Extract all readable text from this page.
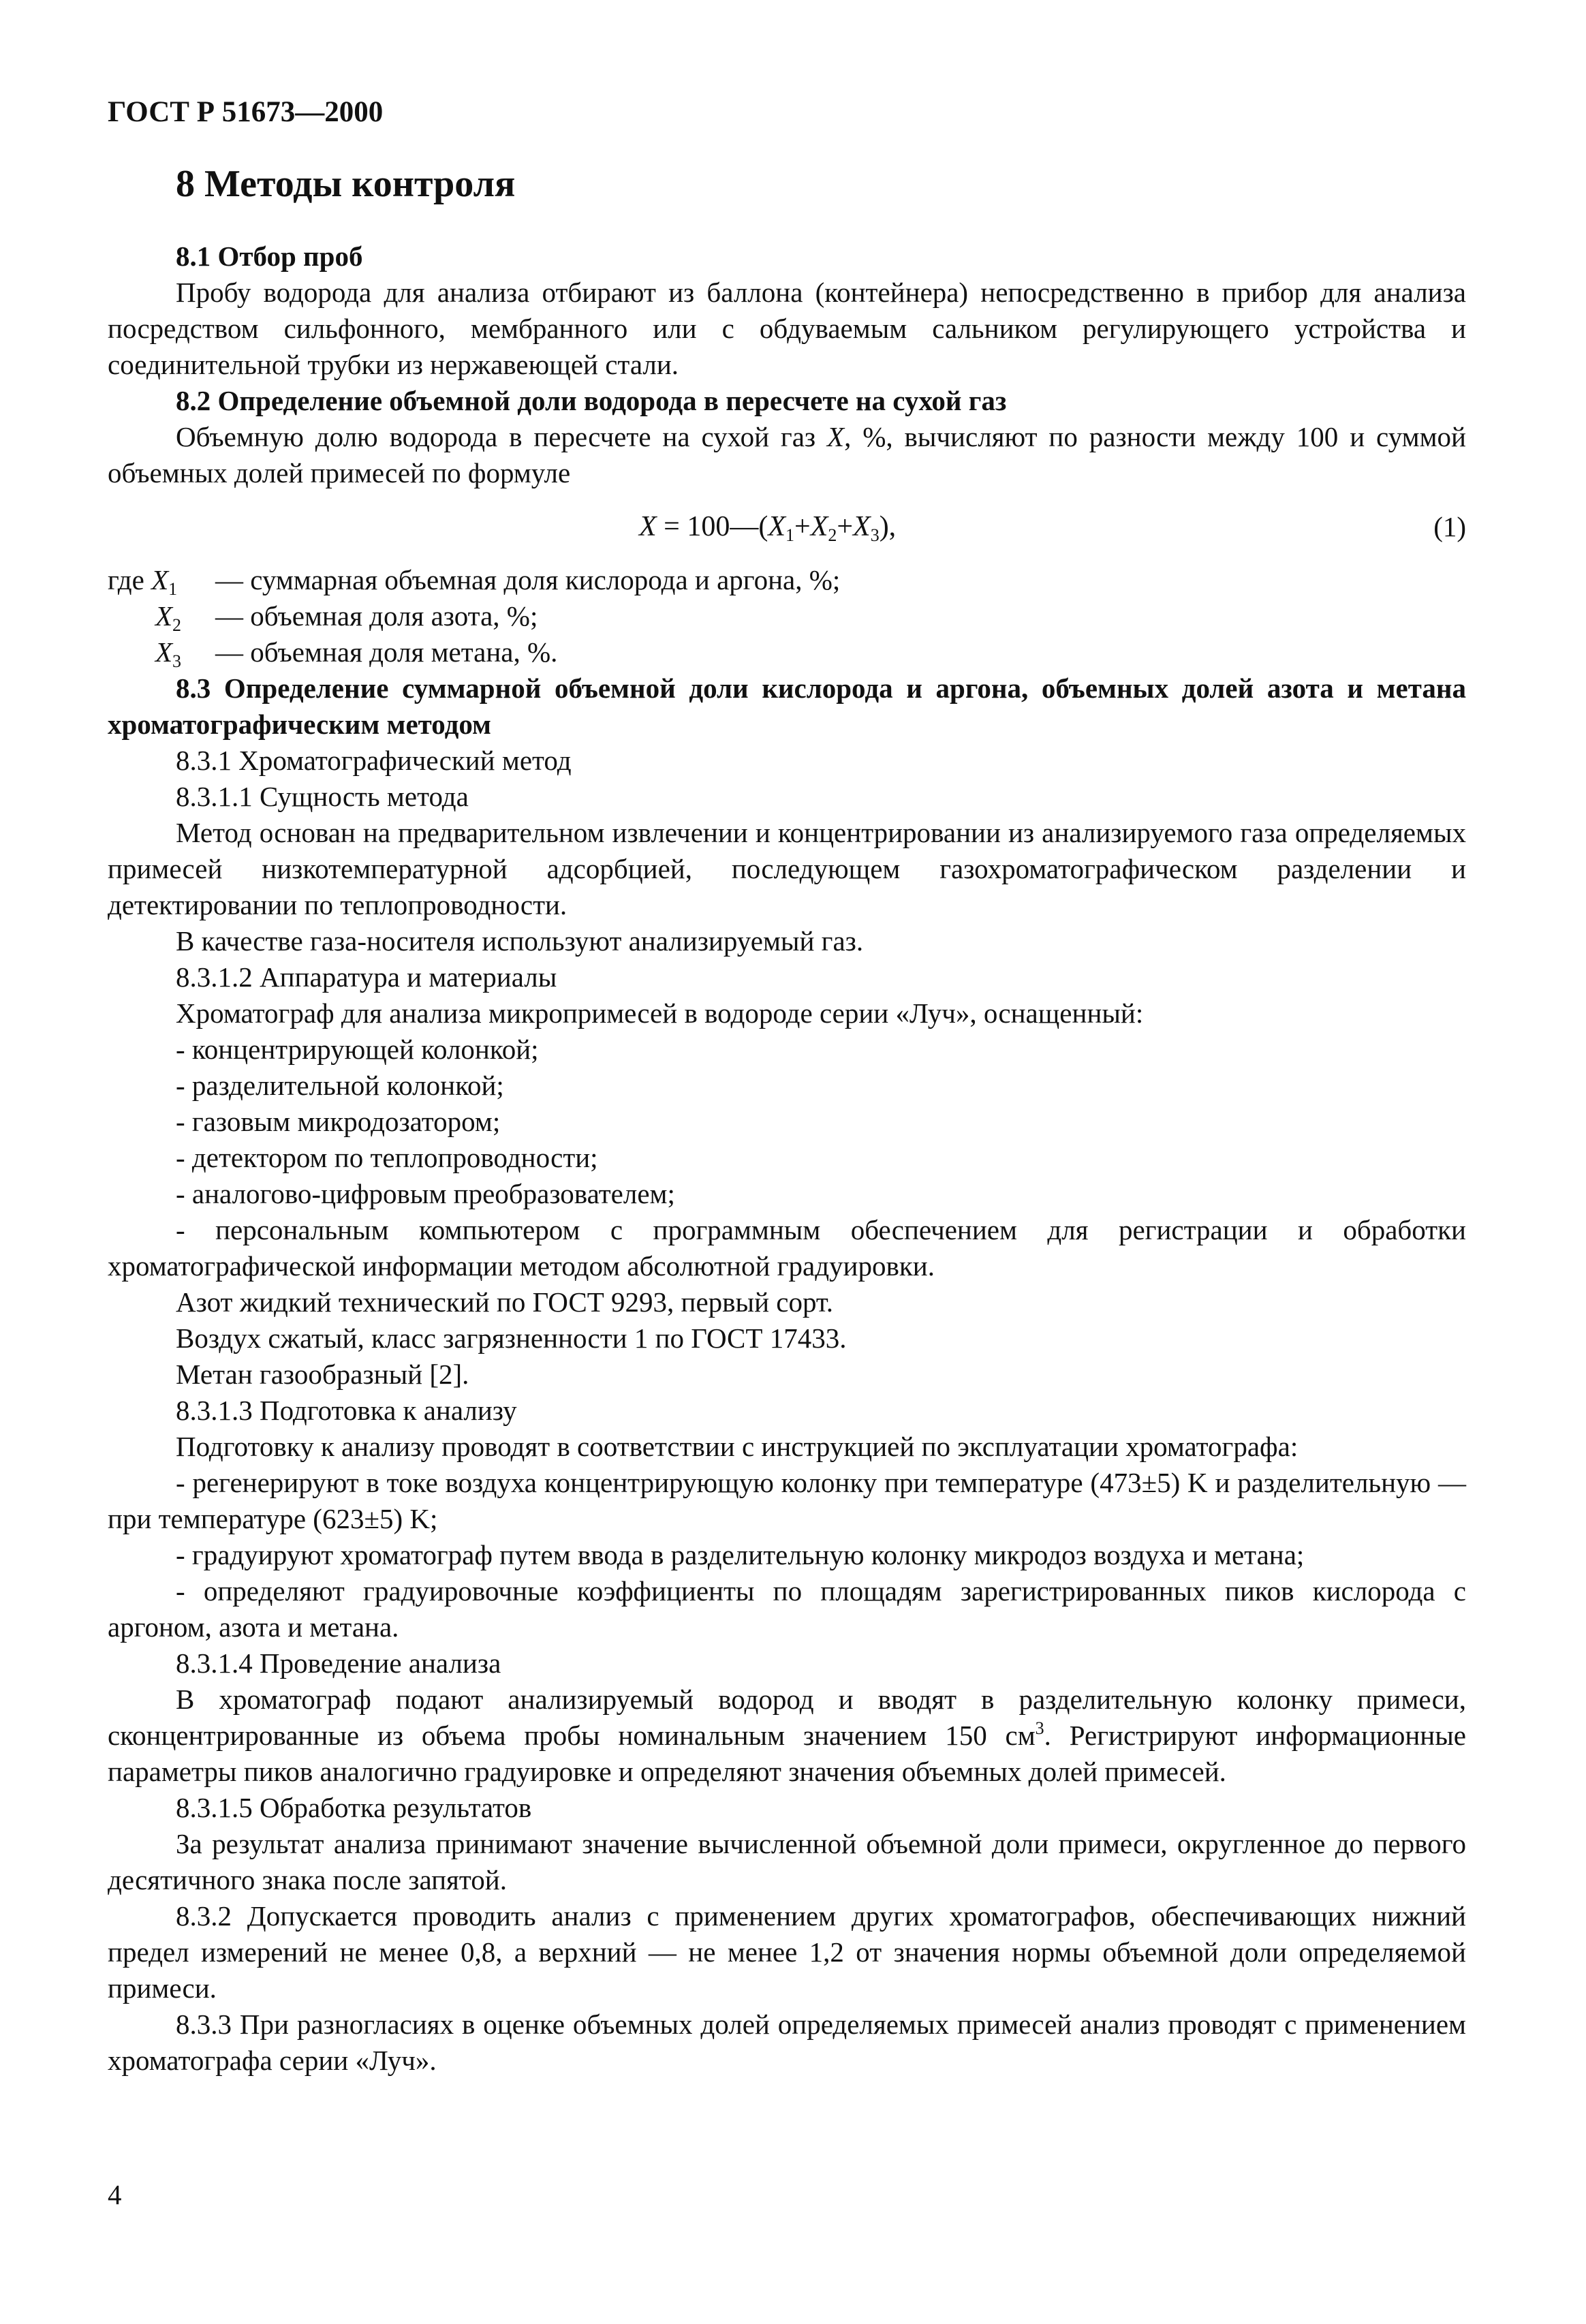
ГОСТ Р 51673—2000
8 Методы контроля

8.1 Отбор проб

Пробу водорода для анализа отбирают из баллона (контейнера) непосредственно в прибор для анализа посредством сильфонного, мембранного или с обдуваемым сальником регулирующего устройства и соединительной трубки из нержавеющей стали.

8.2 Определение объемной доли водорода в пересчете на сухой газ

Объемную долю водорода в пересчете на сухой газ X, %, вычисляют по разности между 100 и суммой объемных долей примесей по формуле

$X = 100—(X_1+X_2+X_3)$,	(1)
где $X_1$ — суммарная объемная доля кислорода и аргона, %;
$X_2$ — объемная доля азота, %;
$X_3$ — объемная доля метана, %.

8.3 Определение суммарной объемной доли кислорода и аргона, объемных долей азота и метана хроматографическим методом

8.3.1 Хроматографический метод

8.3.1.1 Сущность метода

Метод основан на предварительном извлечении и концентрировании из анализируемого газа определяемых примесей низкотемпературной адсорбцией, последующем газохроматографическом разделении и детектировании по теплопроводности.

В качестве газа-носителя используют анализируемый газ.

8.3.1.2 Аппаратура и материалы

Хроматограф для анализа микропримесей в водороде серии «Луч», оснащенный:

- концентрирующей колонкой;

- разделительной колонкой;

- газовым микродозатором;

- детектором по теплопроводности;

- аналогово-цифровым преобразователем;

- персональным компьютером с программным обеспечением для регистрации и обработки хроматографической информации методом абсолютной градуировки.

Азот жидкий технический по ГОСТ 9293, первый сорт.

Воздух сжатый, класс загрязненности 1 по ГОСТ 17433.

Метан газообразный [2].

8.3.1.3 Подготовка к анализу

Подготовку к анализу проводят в соответствии с инструкцией по эксплуатации хроматографа:

- регенерируют в токе воздуха концентрирующую колонку при температуре (473±5) K и разделительную — при температуре (623±5) K;

- градуируют хроматограф путем ввода в разделительную колонку микродоз воздуха и метана;

- определяют градуировочные коэффициенты по площадям зарегистрированных пиков кислорода с аргоном, азота и метана.

8.3.1.4 Проведение анализа

В хроматограф подают анализируемый водород и вводят в разделительную колонку примеси, сконцентрированные из объема пробы номинальным значением 150 $см^3$. Регистрируют информационные параметры пиков аналогично градуировке и определяют значения объемных долей примесей.

8.3.1.5 Обработка результатов

За результат анализа принимают значение вычисленной объемной доли примеси, округленное до первого десятичного знака после запятой.

8.3.2 Допускается проводить анализ с применением других хроматографов, обеспечивающих нижний предел измерений не менее 0,8, а верхний — не менее 1,2 от значения нормы объемной доли определяемой примеси.

8.3.3 При разногласиях в оценке объемных долей определяемых примесей анализ проводят с применением хроматографа серии «Луч».

4
